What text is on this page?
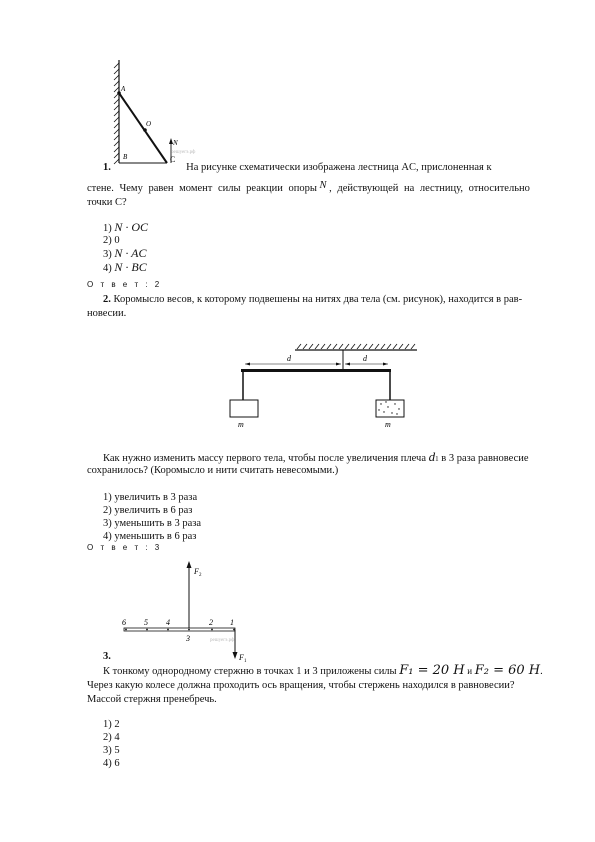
A
O
B	C
N
решуегэ.рф
1.	На рисунке схематически изображена лестница AC, прислоненная к
стене. Чему равен момент силы реакции опоры N , действующей на лестницу, относительно
точки C?
1) N · OC
2) 0
3) N · AC
4) N · BC
О т в е т : 2
2. Коромысло весов, к которому подвешены на нитях два тела (см. рисунок), находится в рав-
новесии.
d	d
m	m
Как нужно изменить массу первого тела, чтобы после увеличения плеча d1 в 3 раза равновесие
сохранилось? (Коромысло и нити считать невесомыми.)
1) увеличить в 3 раза
2) увеличить в 6 раз
3) уменьшить в 3 раза
4) уменьшить в 6 раз
О т в е т : 3
6 5 4
3
2 1
F 2
F 1
решуегэ.рф
3.
К тонкому однородному стержню в точках 1 и 3 приложены силы F₁ = 20 Н и F₂ = 60 Н.
Через какую колесе должна проходить ось вращения, чтобы стержень находился в равновесии?
Массой стержня пренебречь.
1) 2
2) 4
3) 5
4) 6
